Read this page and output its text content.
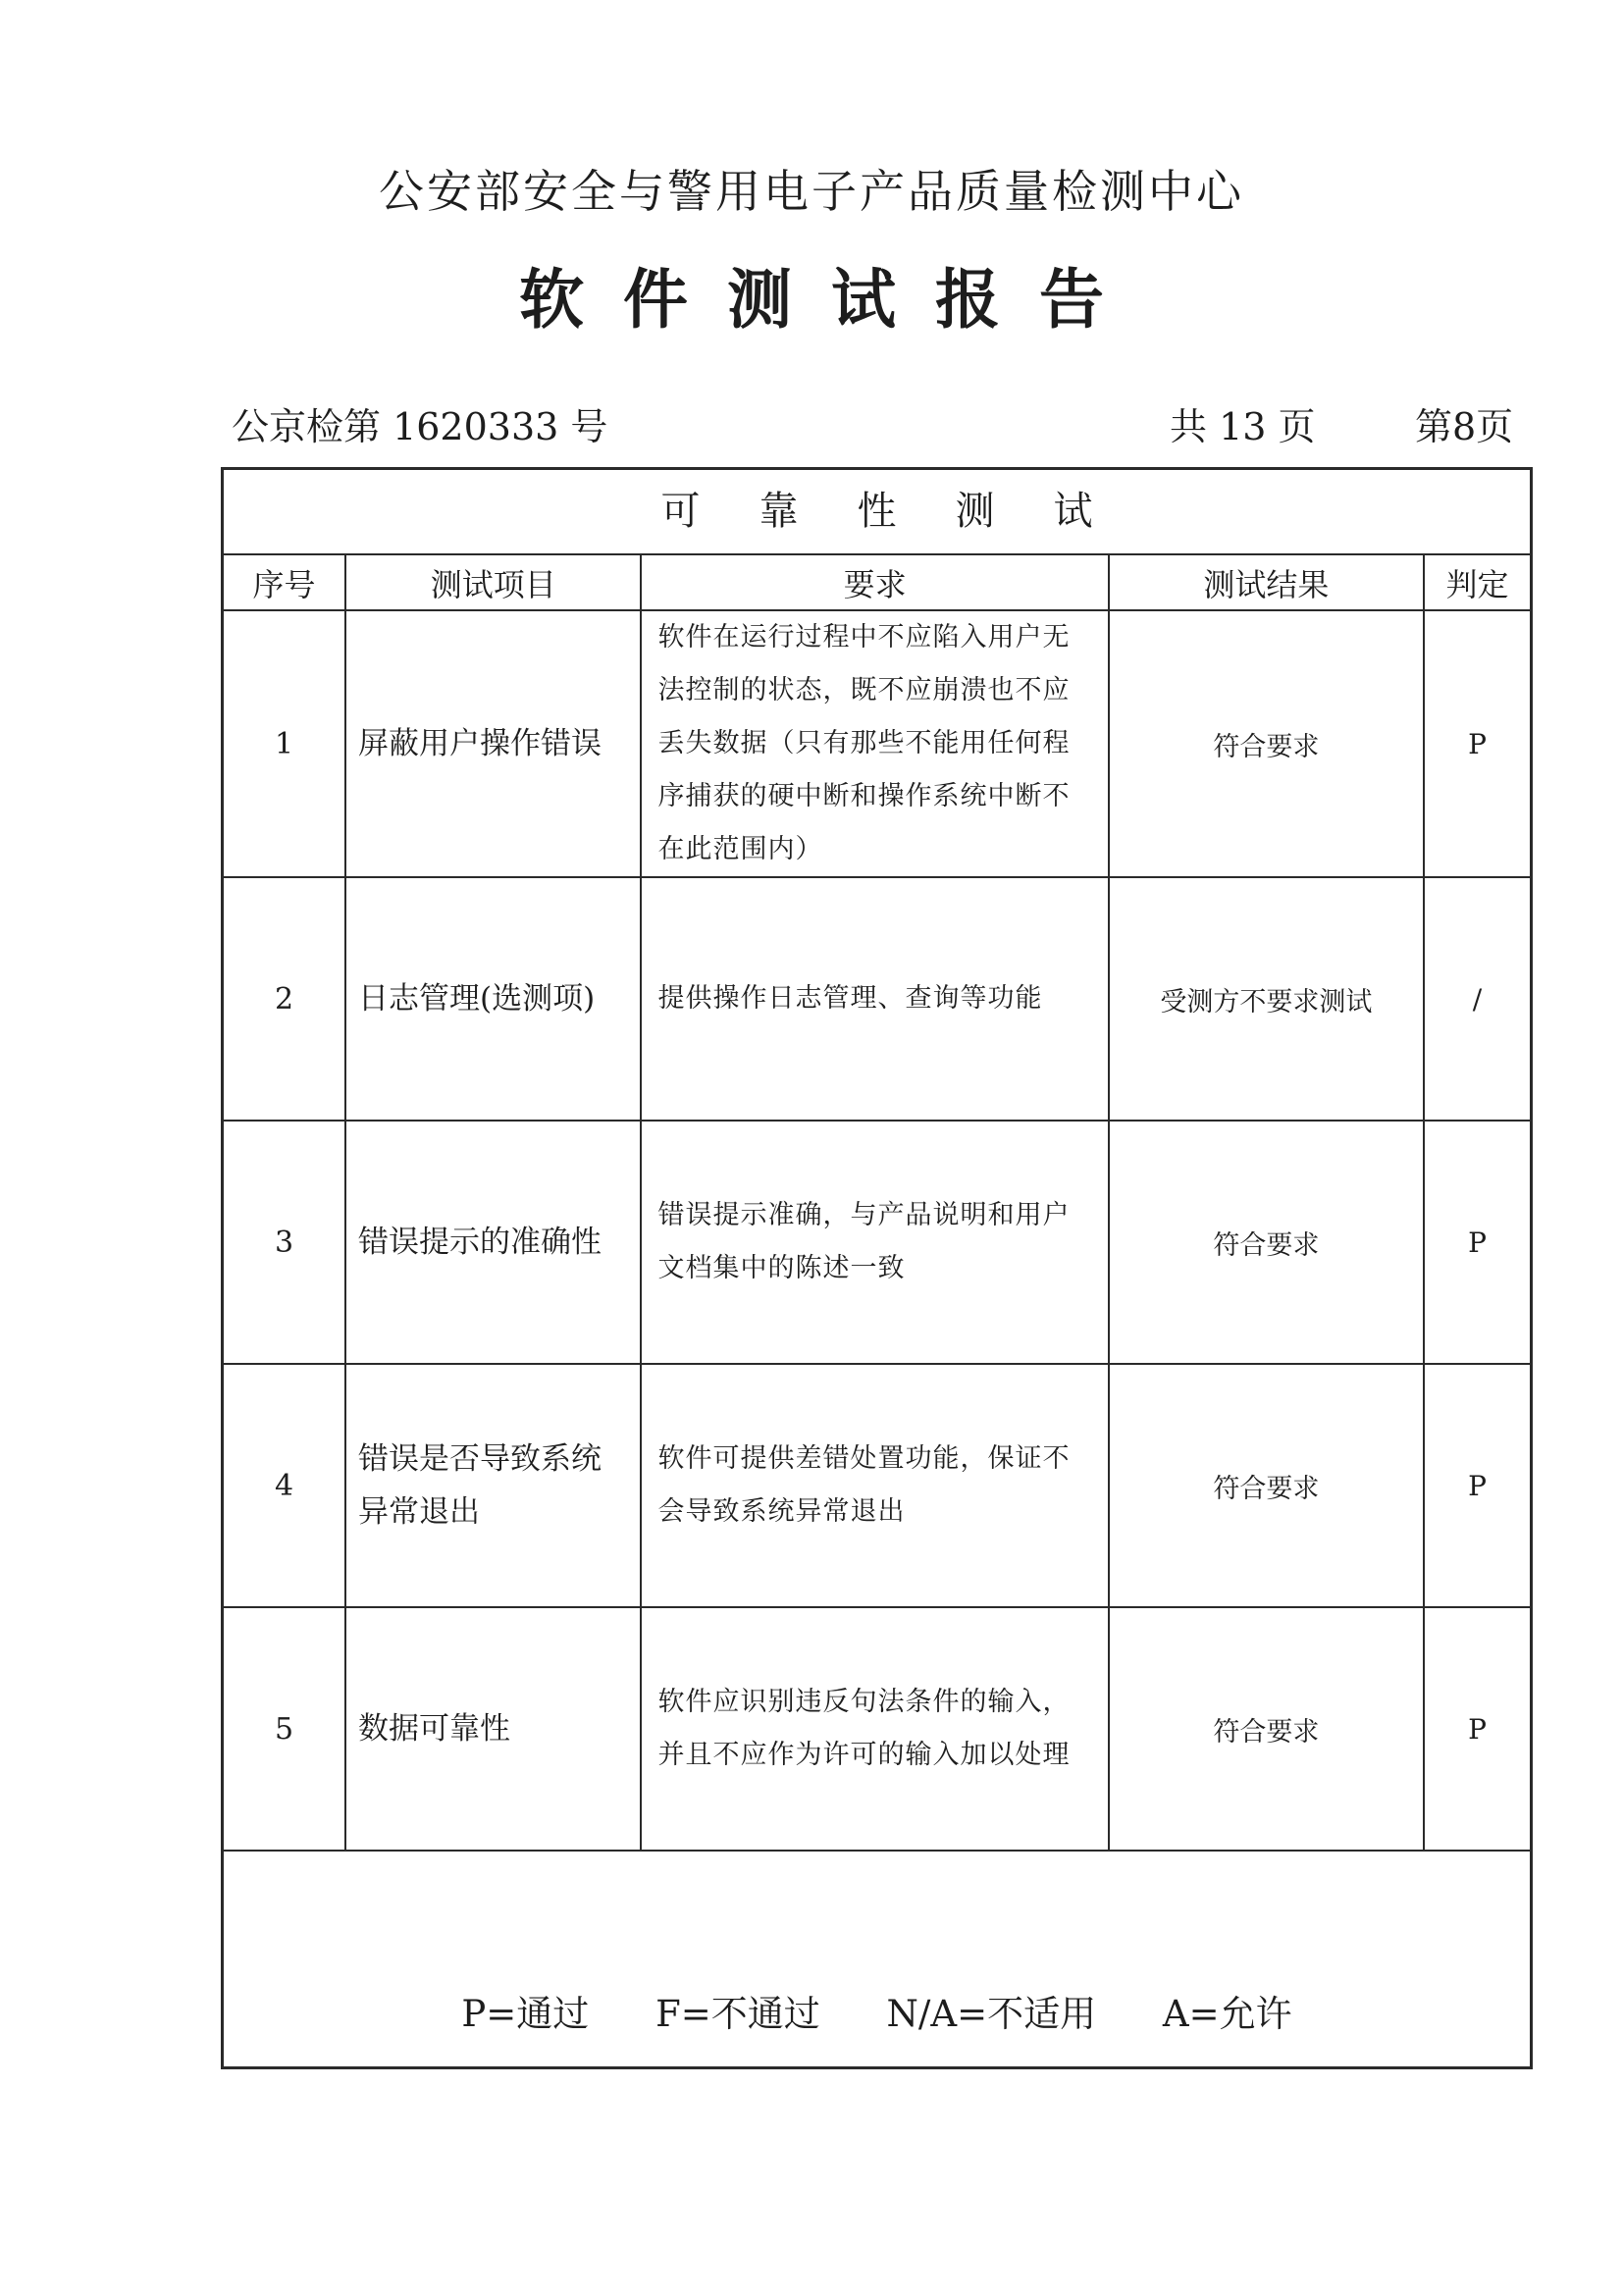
公安部安全与警用电子产品质量检测中心
软件测试报告
公京检第 1620333 号	共 13 页	第8页
可靠性测试
序号	测试项目	要求	测试结果	判定
1	屏蔽用户操作错误	软件在运行过程中不应陷入用户无法控制的状态，既不应崩溃也不应丢失数据（只有那些不能用任何程序捕获的硬中断和操作系统中断不在此范围内）	符合要求	P
2	日志管理(选测项)	提供操作日志管理、查询等功能	受测方不要求测试	/
3	错误提示的准确性	错误提示准确，与产品说明和用户文档集中的陈述一致	符合要求	P
4	错误是否导致系统异常退出	软件可提供差错处置功能，保证不会导致系统异常退出	符合要求	P
5	数据可靠性	软件应识别违反句法条件的输入，并且不应作为许可的输入加以处理	符合要求	P
P=通过 F=不通过 N/A=不适用 A=允许
